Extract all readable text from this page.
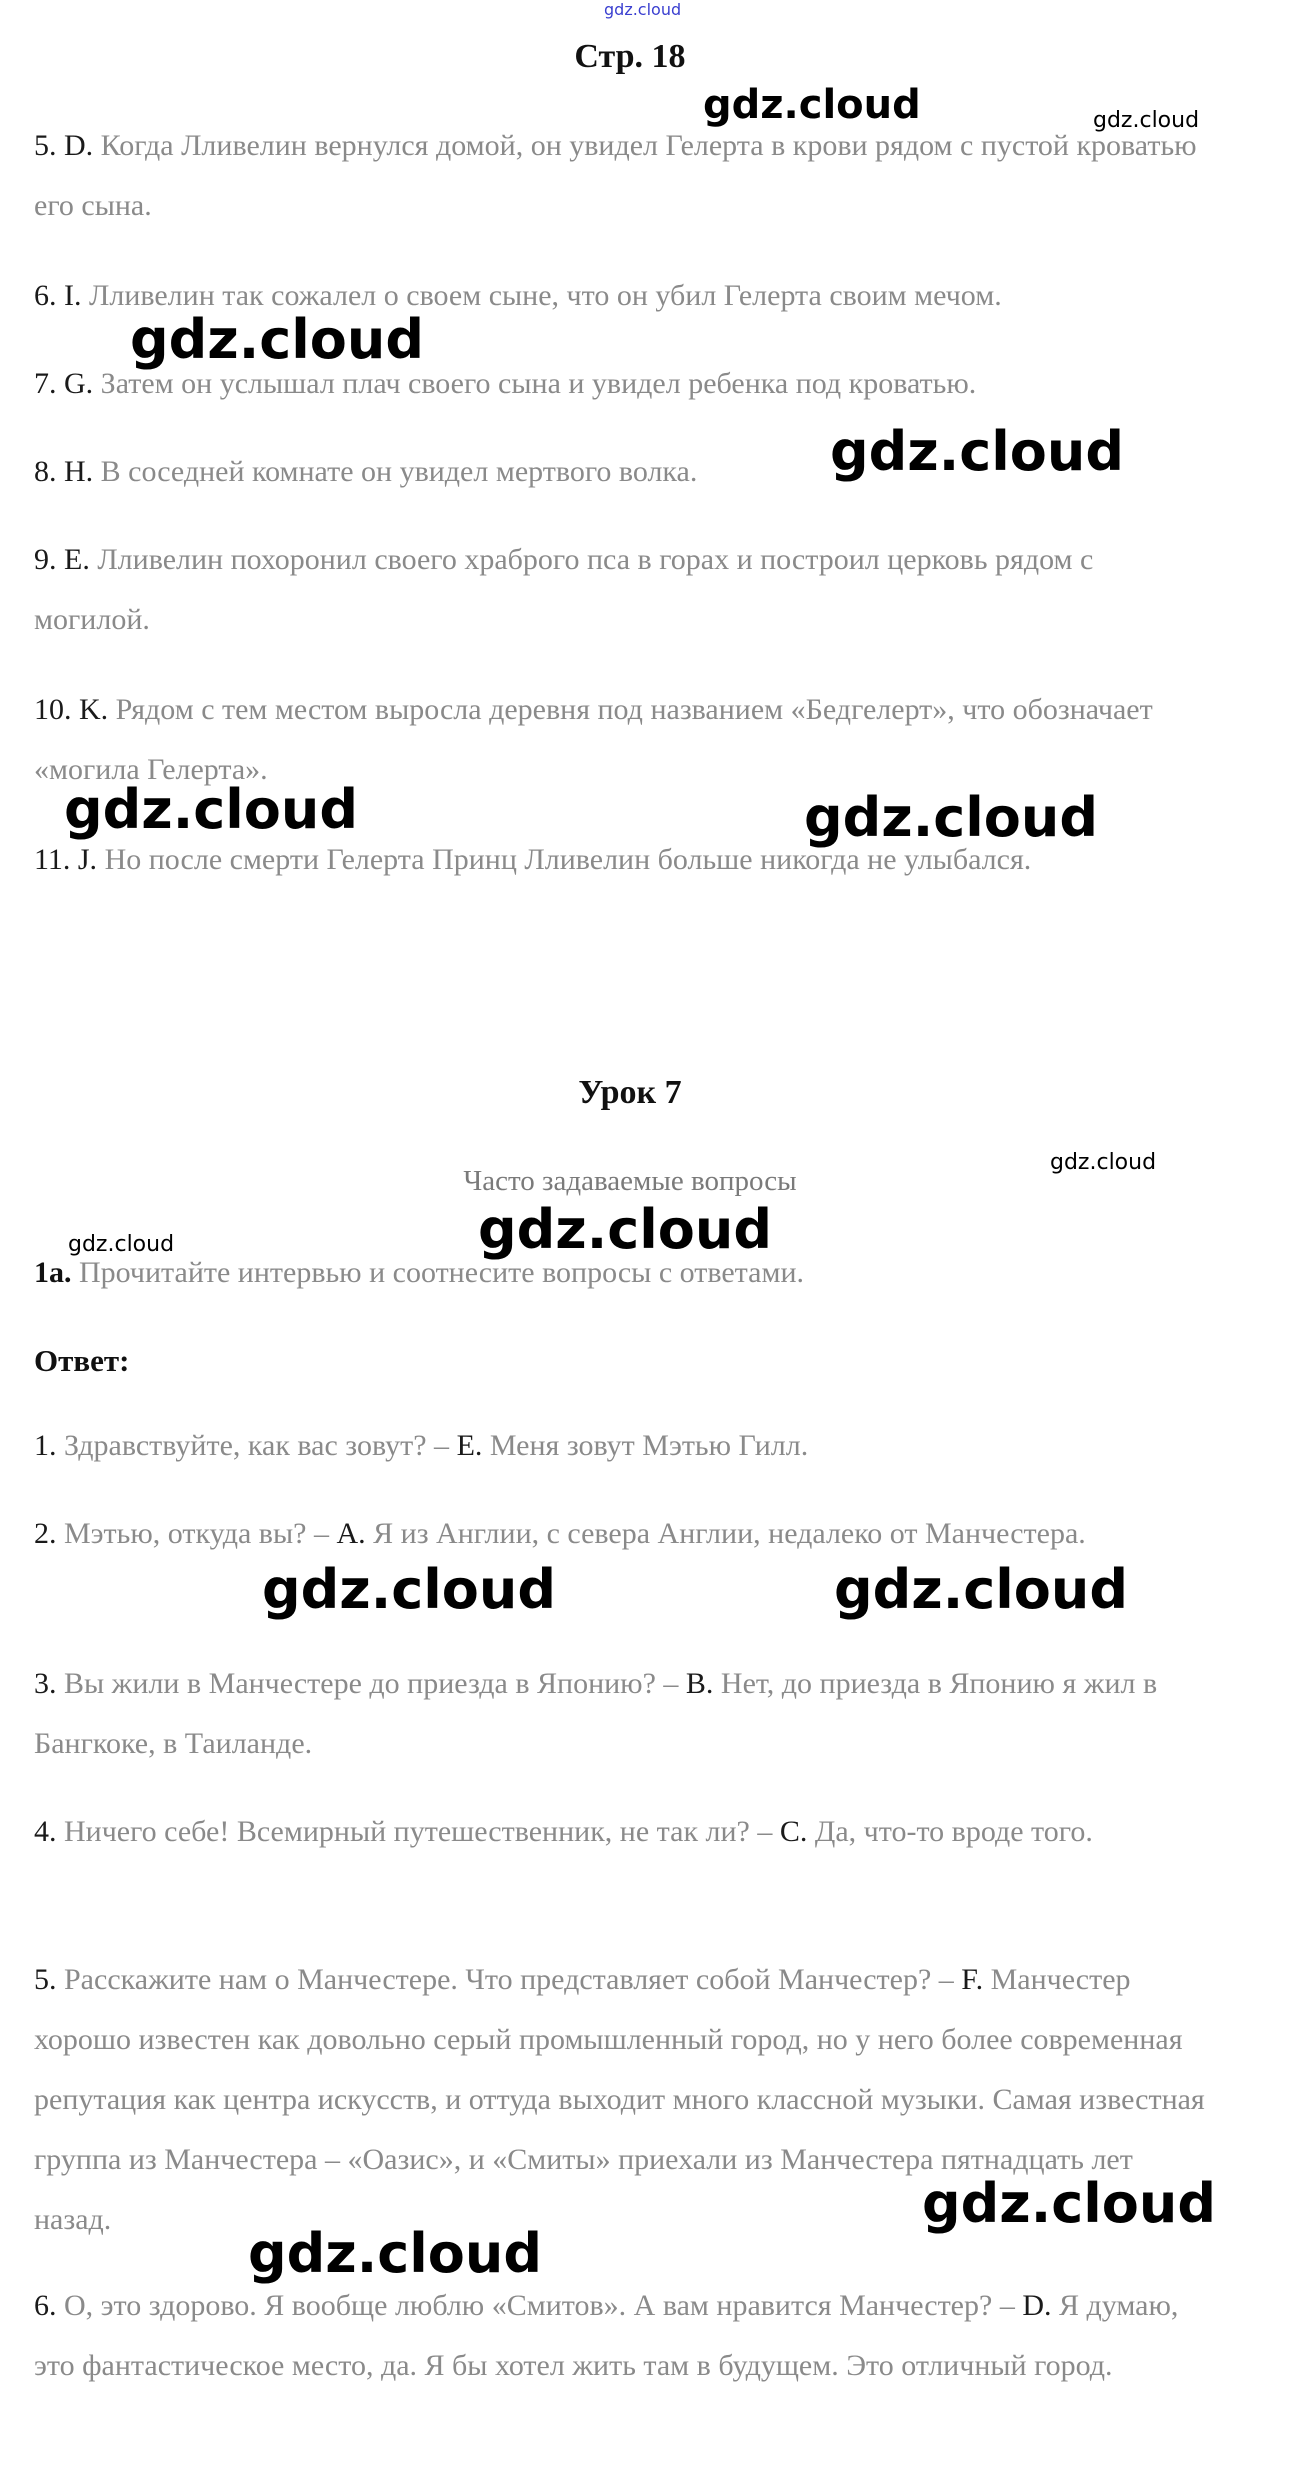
gdz.cloud
Стр. 18
5. D. Когда Лливелин вернулся домой, он увидел Гелерта в крови рядом с пустой кроватью его сына.
6. I. Лливелин так сожалел о своем сыне, что он убил Гелерта своим мечом.
7. G. Затем он услышал плач своего сына и увидел ребенка под кроватью.
8. H. В соседней комнате он увидел мертвого волка.
9. E. Лливелин похоронил своего храброго пса в горах и построил церковь рядом с могилой.
10. K. Рядом с тем местом выросла деревня под названием «Бедгелерт», что обозначает «могила Гелерта».
11. J. Но после смерти Гелерта Принц Лливелин больше никогда не улыбался.
Урок 7
Часто задаваемые вопросы
1a. Прочитайте интервью и соотнесите вопросы с ответами.
Ответ:
1. Здравствуйте, как вас зовут? – E. Меня зовут Мэтью Гилл.
2. Мэтью, откуда вы? – A. Я из Англии, с севера Англии, недалеко от Манчестера.
3. Вы жили в Манчестере до приезда в Японию? – B. Нет, до приезда в Японию я жил в Бангкоке, в Таиланде.
4. Ничего себе! Всемирный путешественник, не так ли? – C. Да, что-то вроде того.
5. Расскажите нам о Манчестере. Что представляет собой Манчестер? – F. Манчестер хорошо известен как довольно серый промышленный город, но у него более современная репутация как центра искусств, и оттуда выходит много классной музыки. Самая известная группа из Манчестера – «Оазис», и «Смиты» приехали из Манчестера пятнадцать лет назад.
6. О, это здорово. Я вообще люблю «Смитов». А вам нравится Манчестер? – D. Я думаю, это фантастическое место, да. Я бы хотел жить там в будущем. Это отличный город.
gdz.cloud	gdz.cloud
gdz.cloud
gdz.cloud
gdz.cloud	gdz.cloud
gdz.cloud
gdz.cloud
gdz.cloud
gdz.cloud	gdz.cloud
gdz.cloud
gdz.cloud
